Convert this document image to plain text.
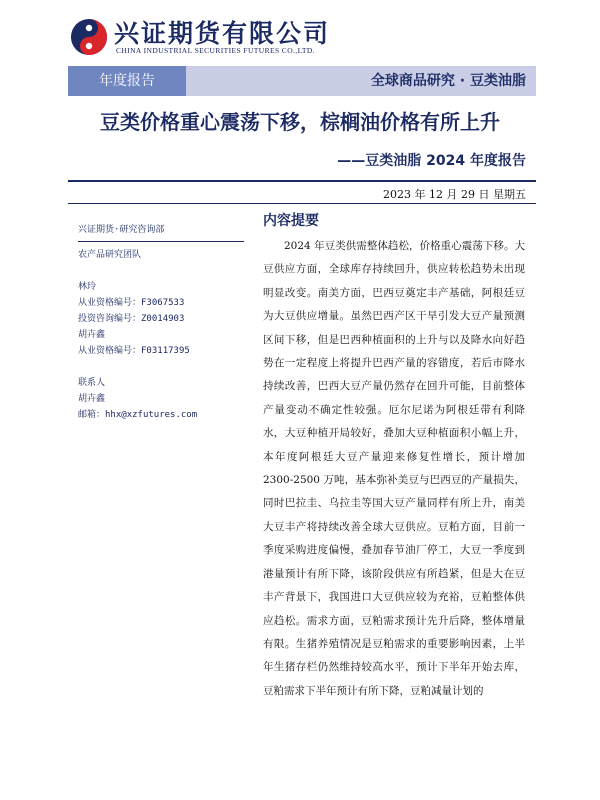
兴证期货有限公司
CHINA INDUSTRIAL SECURITIES FUTURES CO.,LTD.
年度报告	全球商品研究 · 豆类油脂
豆类价格重心震荡下移，棕榈油价格有所上升
——豆类油脂 2024 年度报告
2023 年 12 月 29 日 星期五
兴证期货·研究咨询部
农产品研究团队
林玲
从业资格编号：F3067533
投资咨询编号：Z0014903
胡卉鑫
从业资格编号：F03117395
联系人
胡卉鑫
邮箱：hhx@xzfutures.com
内容提要
2024 年豆类供需整体趋松，价格重心震荡下移。大豆供应方面，全球库存持续回升，供应转松趋势未出现明显改变。南美方面，巴西豆奠定丰产基础，阿根廷豆为大豆供应增量。虽然巴西产区干旱引发大豆产量预测区间下移，但是巴西种植面积的上升与以及降水向好趋势在一定程度上将提升巴西产量的容错度，若后市降水持续改善，巴西大豆产量仍然存在回升可能，目前整体产量变动不确定性较强。厄尔尼诺为阿根廷带有利降水，大豆种植开局较好，叠加大豆种植面积小幅上升，本年度阿根廷大豆产量迎来修复性增长，预计增加 2300-2500 万吨，基本弥补美豆与巴西豆的产量损失，同时巴拉圭、乌拉圭等国大豆产量同样有所上升，南美大豆丰产将持续改善全球大豆供应。豆粕方面，目前一季度采购进度偏慢，叠加春节油厂停工，大豆一季度到港量预计有所下降，该阶段供应有所趋紧，但是大在豆丰产背景下，我国进口大豆供应较为充裕，豆粕整体供应趋松。需求方面，豆粕需求预计先升后降，整体增量有限。生猪养殖情况是豆粕需求的重要影响因素，上半年生猪存栏仍然维持较高水平，预计下半年开始去库，豆粕需求下半年预计有所下降，豆粕减量计划的
